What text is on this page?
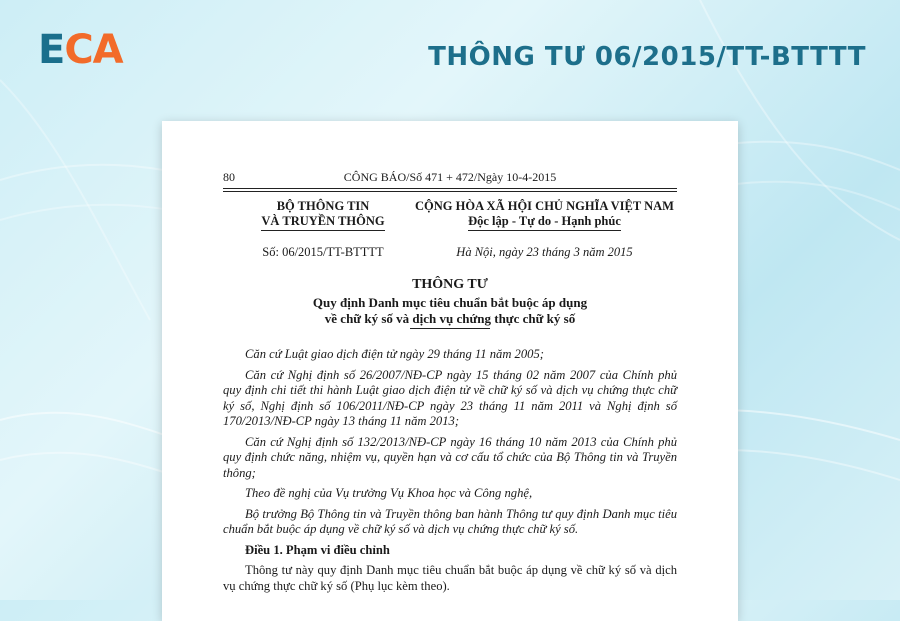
ECA	THÔNG TƯ 06/2015/TT-BTTTT
80	CÔNG BÁO/Số 471 + 472/Ngày 10-4-2015
BỘ THÔNG TIN
VÀ TRUYỀN THÔNG
CỘNG HÒA XÃ HỘI CHỦ NGHĨA VIỆT NAM
Độc lập - Tự do - Hạnh phúc
Số: 06/2015/TT-BTTTT	Hà Nội, ngày 23 tháng 3 năm 2015
THÔNG TƯ
Quy định Danh mục tiêu chuẩn bắt buộc áp dụng
về chữ ký số và dịch vụ chứng thực chữ ký số

Căn cứ Luật giao dịch điện tử ngày 29 tháng 11 năm 2005;

Căn cứ Nghị định số 26/2007/NĐ-CP ngày 15 tháng 02 năm 2007 của Chính phủ quy định chi tiết thi hành Luật giao dịch điện tử về chữ ký số và dịch vụ chứng thực chữ ký số, Nghị định số 106/2011/NĐ-CP ngày 23 tháng 11 năm 2011 và Nghị định số 170/2013/NĐ-CP ngày 13 tháng 11 năm 2013;

Căn cứ Nghị định số 132/2013/NĐ-CP ngày 16 tháng 10 năm 2013 của Chính phủ quy định chức năng, nhiệm vụ, quyền hạn và cơ cấu tổ chức của Bộ Thông tin và Truyền thông;

Theo đề nghị của Vụ trưởng Vụ Khoa học và Công nghệ,

Bộ trưởng Bộ Thông tin và Truyền thông ban hành Thông tư quy định Danh mục tiêu chuẩn bắt buộc áp dụng về chữ ký số và dịch vụ chứng thực chữ ký số.

Điều 1. Phạm vi điều chỉnh

Thông tư này quy định Danh mục tiêu chuẩn bắt buộc áp dụng về chữ ký số và dịch vụ chứng thực chữ ký số (Phụ lục kèm theo).
